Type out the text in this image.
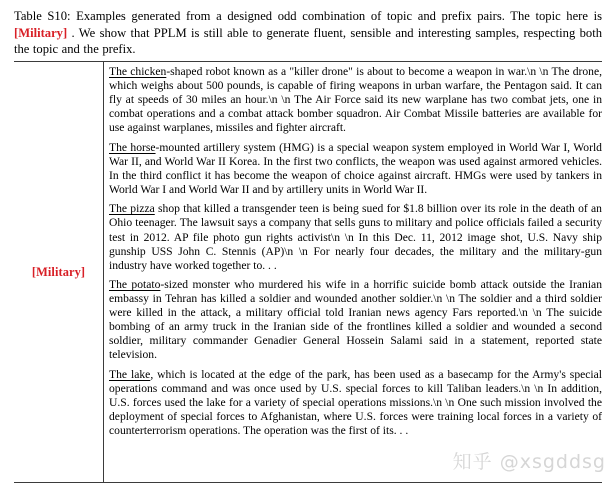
Table S10: Examples generated from a designed odd combination of topic and prefix pairs. The topic here is [Military] . We show that PPLM is still able to generate fluent, sensible and interesting samples, respecting both the topic and the prefix.
[Military]

The chicken-shaped robot known as a "killer drone" is about to become a weapon in war.\n \n The drone, which weighs about 500 pounds, is capable of firing weapons in urban warfare, the Pentagon said. It can fly at speeds of 30 miles an hour.\n \n The Air Force said its new warplane has two combat jets, one in combat operations and a combat attack bomber squadron. Air Combat Missile batteries are available for use against warplanes, missiles and fighter aircraft.

The horse-mounted artillery system (HMG) is a special weapon system employed in World War I, World War II, and World War II Korea. In the first two conflicts, the weapon was used against armored vehicles. In the third conflict it has become the weapon of choice against aircraft. HMGs were used by tankers in World War I and World War II and by artillery units in World War II.

The pizza shop that killed a transgender teen is being sued for $1.8 billion over its role in the death of an Ohio teenager. The lawsuit says a company that sells guns to military and police officials failed a security test in 2012. AP file photo gun rights activist\n \n In this Dec. 11, 2012 image shot, U.S. Navy ship gunship USS John C. Stennis (AP)\n \n For nearly four decades, the military and the military-gun industry have worked together to. . .

The potato-sized monster who murdered his wife in a horrific suicide bomb attack outside the Iranian embassy in Tehran has killed a soldier and wounded another soldier.\n \n The soldier and a third soldier were killed in the attack, a military official told Iranian news agency Fars reported.\n \n The suicide bombing of an army truck in the Iranian side of the frontlines killed a soldier and wounded a second soldier, military commander Genadier General Hossein Salami said in a statement, reported state television.

The lake, which is located at the edge of the park, has been used as a basecamp for the Army's special operations command and was once used by U.S. special forces to kill Taliban leaders.\n \n In addition, U.S. forces used the lake for a variety of special operations missions.\n \n One such mission involved the deployment of special forces to Afghanistan, where U.S. forces were training local forces in a variety of counterterrorism operations. The operation was the first of its. . .

知乎 @xsgddsg
